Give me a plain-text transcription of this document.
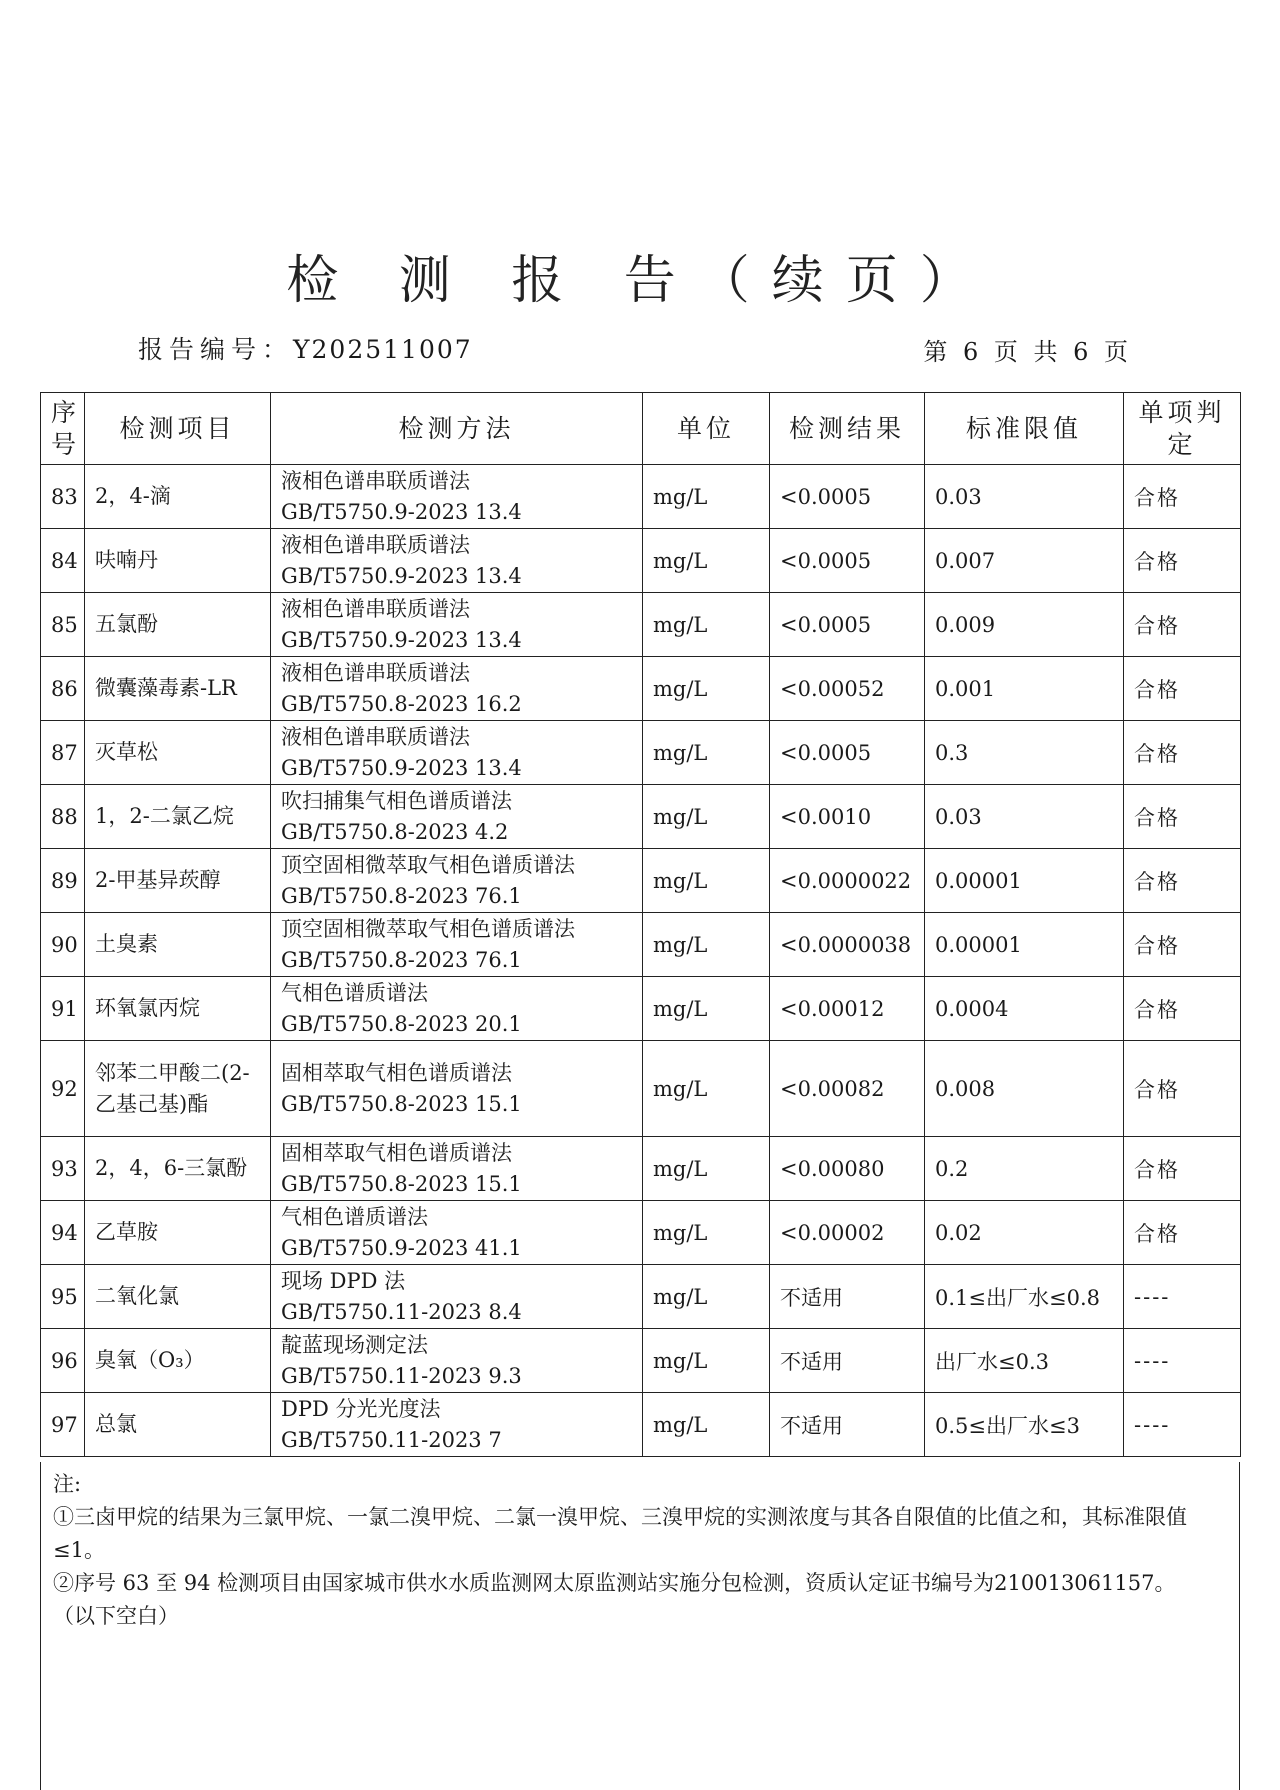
检 测 报 告（续页）
报告编号：Y202511007	第 6 页 共 6 页
序号	检测项目	检测方法	单位	检测结果	标准限值	单项判定
83	2，4-滴	液相色谱串联质谱法
GB/T5750.9-2023 13.4	mg/L	<0.0005	0.03	合格
84	呋喃丹	液相色谱串联质谱法
GB/T5750.9-2023 13.4	mg/L	<0.0005	0.007	合格
85	五氯酚	液相色谱串联质谱法
GB/T5750.9-2023 13.4	mg/L	<0.0005	0.009	合格
86	微囊藻毒素-LR	液相色谱串联质谱法
GB/T5750.8-2023 16.2	mg/L	<0.00052	0.001	合格
87	灭草松	液相色谱串联质谱法
GB/T5750.9-2023 13.4	mg/L	<0.0005	0.3	合格
88	1，2-二氯乙烷	吹扫捕集气相色谱质谱法
GB/T5750.8-2023 4.2	mg/L	<0.0010	0.03	合格
89	2-甲基异莰醇	顶空固相微萃取气相色谱质谱法
GB/T5750.8-2023 76.1	mg/L	<0.0000022	0.00001	合格
90	土臭素	顶空固相微萃取气相色谱质谱法
GB/T5750.8-2023 76.1	mg/L	<0.0000038	0.00001	合格
91	环氧氯丙烷	气相色谱质谱法
GB/T5750.8-2023 20.1	mg/L	<0.00012	0.0004	合格
92	邻苯二甲酸二(2-乙基己基)酯	固相萃取气相色谱质谱法
GB/T5750.8-2023 15.1	mg/L	<0.00082	0.008	合格
93	2，4，6-三氯酚	固相萃取气相色谱质谱法
GB/T5750.8-2023 15.1	mg/L	<0.00080	0.2	合格
94	乙草胺	气相色谱质谱法
GB/T5750.9-2023 41.1	mg/L	<0.00002	0.02	合格
95	二氧化氯	现场 DPD 法
GB/T5750.11-2023 8.4	mg/L	不适用	0.1≤出厂水≤0.8	----
96	臭氧（O₃）	靛蓝现场测定法
GB/T5750.11-2023 9.3	mg/L	不适用	出厂水≤0.3	----
97	总氯	DPD 分光光度法
GB/T5750.11-2023 7	mg/L	不适用	0.5≤出厂水≤3	----

注:

①三卤甲烷的结果为三氯甲烷、一氯二溴甲烷、二氯一溴甲烷、三溴甲烷的实测浓度与其各自限值的比值之和，其标准限值≤1。

②序号 63 至 94 检测项目由国家城市供水水质监测网太原监测站实施分包检测，资质认定证书编号为210013061157。

（以下空白）
